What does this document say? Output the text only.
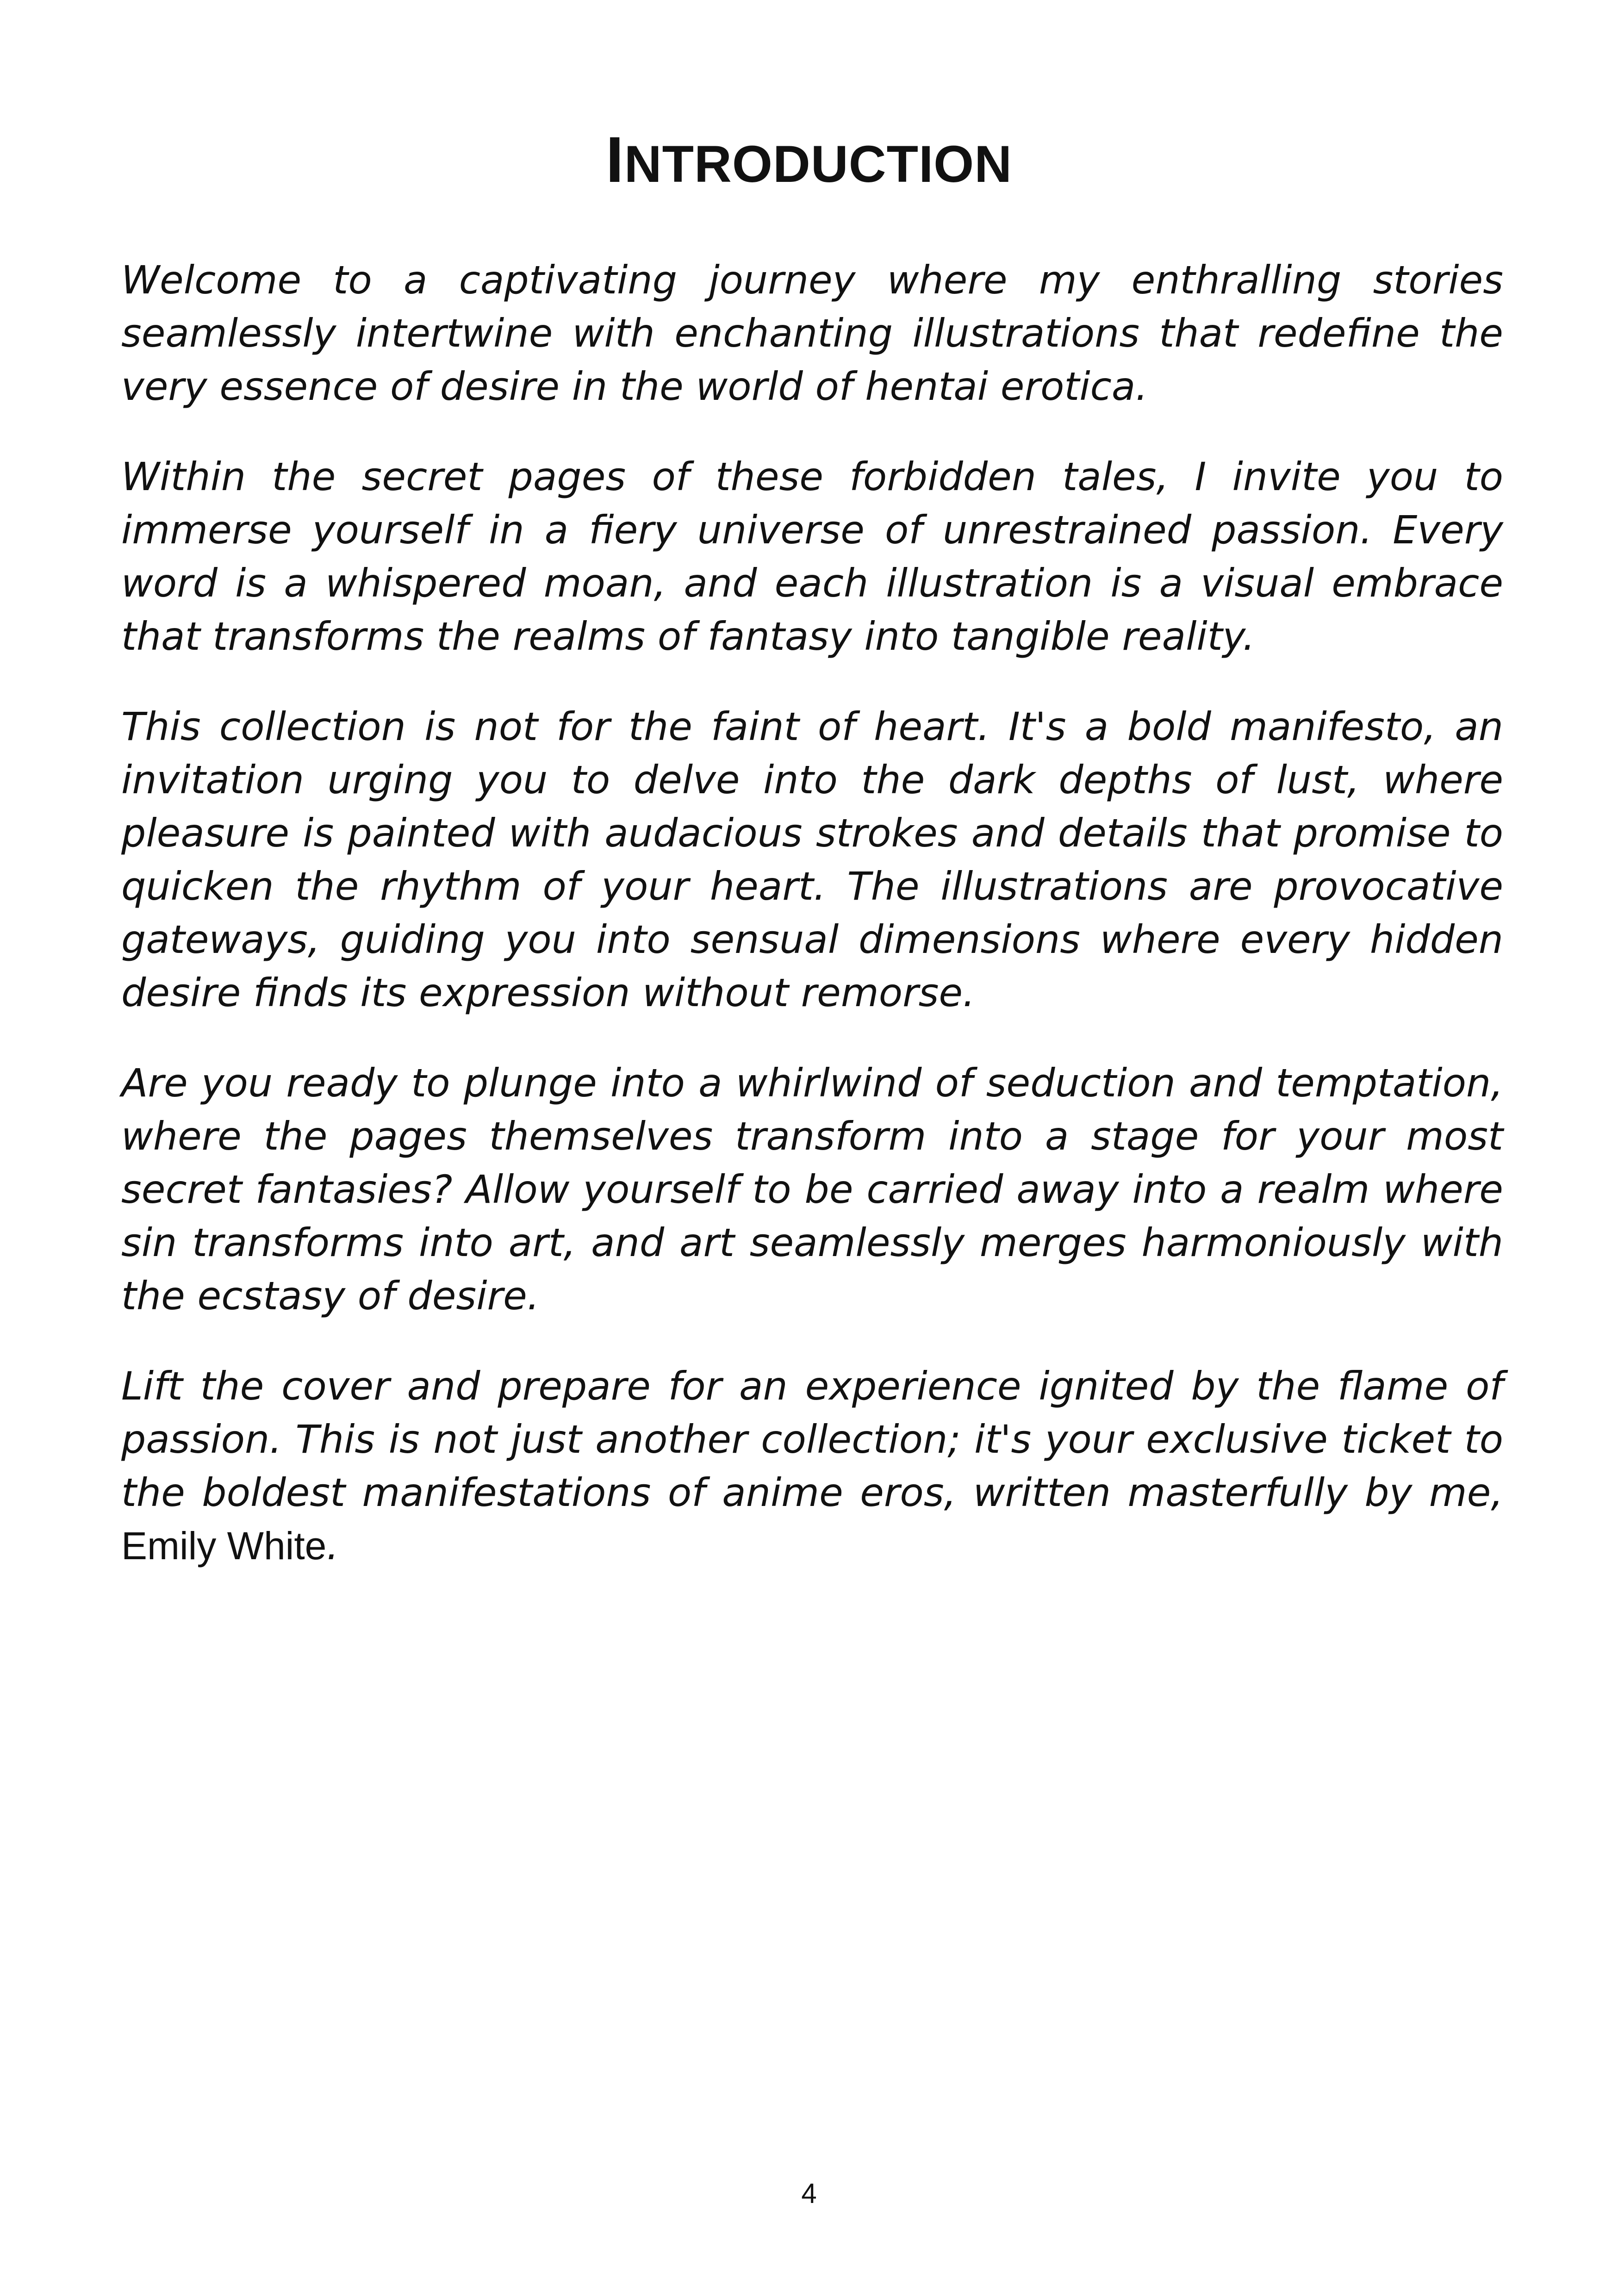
INTRODUCTION

Welcome to a captivating journey where my enthralling stories seamlessly intertwine with enchanting illustrations that redefine the very essence of desire in the world of hentai erotica.

Within the secret pages of these forbidden tales, I invite you to immerse yourself in a fiery universe of unrestrained passion. Every word is a whispered moan, and each illustration is a visual embrace that transforms the realms of fantasy into tangible reality.

This collection is not for the faint of heart. It's a bold manifesto, an invitation urging you to delve into the dark depths of lust, where pleasure is painted with audacious strokes and details that promise to quicken the rhythm of your heart. The illustrations are provocative gateways, guiding you into sensual dimensions where every hidden desire finds its expression without remorse.

Are you ready to plunge into a whirlwind of seduction and temptation, where the pages themselves transform into a stage for your most secret fantasies? Allow yourself to be carried away into a realm where sin transforms into art, and art seamlessly merges harmoniously with the ecstasy of desire.

Lift the cover and prepare for an experience ignited by the flame of passion. This is not just another collection; it's your exclusive ticket to the boldest manifestations of anime eros, written masterfully by me, Emily White.

4
